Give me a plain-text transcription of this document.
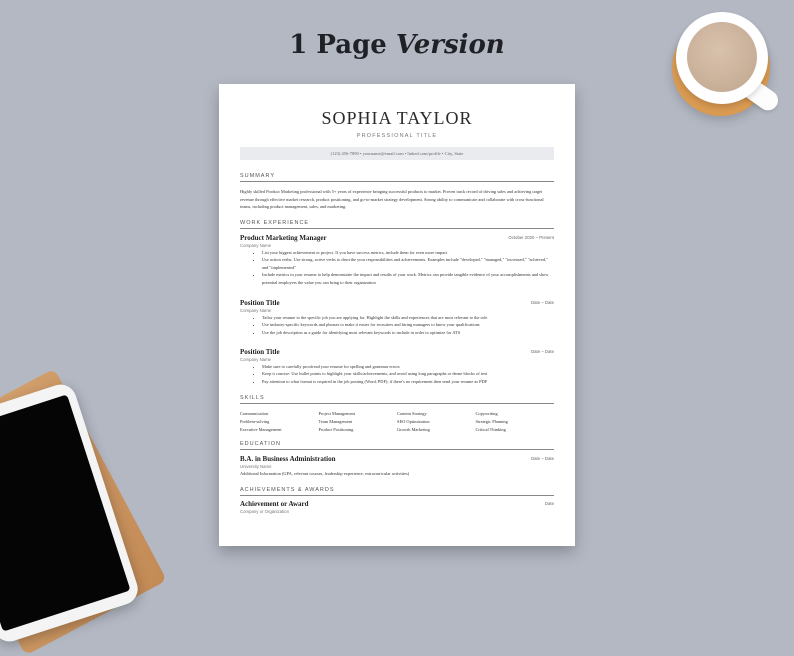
1 Page Version
SOPHIA TAYLOR
PROFESSIONAL TITLE
(123) 456-7890 • yourname@email.com • linked.com/profile • City, State
SUMMARY
Highly skilled Product Marketing professional with 5+ years of experience bringing successful products to market. Proven track record of driving sales and achieving target revenue through effective market research, product positioning, and go-to-market strategy development. Strong ability to communicate and collaborate with cross-functional teams, including product management, sales, and marketing.
WORK EXPERIENCE
Product Marketing Manager	October 2020 – Present
Company Name
• List your biggest achievement or project. If you have success metrics, include them for even more impact
• Use action verbs: Use strong, active verbs to describe your responsibilities and achievements. Examples include "developed," "managed," "increased," "achieved," and "implemented"
• Include metrics in your resume to help demonstrate the impact and results of your work. Metrics can provide tangible evidence of your accomplishments and show potential employers the value you can bring to their organization
Position Title	Date – Date
Company Name
• Tailor your resume to the specific job you are applying for. Highlight the skills and experiences that are most relevant to the role
• Use industry-specific keywords and phrases to make it easier for recruiters and hiring managers to know your qualifications
• Use the job description as a guide for identifying most relevant keywords to include in order to optimize for ATS
Position Title	Date – Date
Company Name
• Make sure to carefully proofread your resume for spelling and grammar errors
• Keep it concise: Use bullet points to highlight your skills/achievements, and avoid using long paragraphs or dense blocks of text
• Pay attention to what format is required in the job posting (Word, PDF); if there's no requirement then send your resume as PDF
SKILLS
Communication	Project Management	Content Strategy	Copywriting
Problem-solving	Team Management	SEO Optimization	Strategic Planning
Executive Management	Product Positioning	Growth Marketing	Critical Thinking
EDUCATION
B.A. in Business Administration	Date – Date
University Name
Additional Information (GPA, relevant courses, leadership experience, extracurricular activities)
ACHIEVEMENTS & AWARDS
Achievement or Award	Date
Company or Organization
